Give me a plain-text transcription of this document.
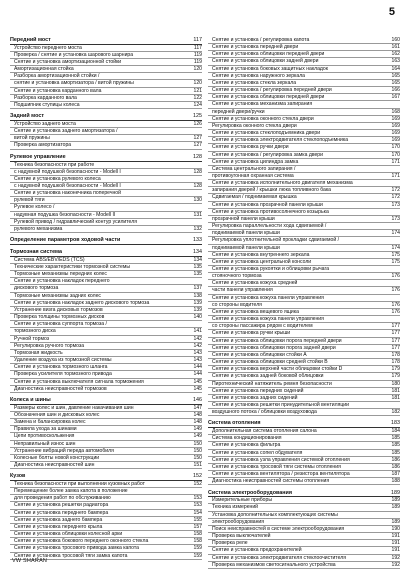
5
Передний мост	117
Устройство переднего моста	117
Проверка / снятие и установка шарового шарнира	119
Снятие и установка амортизационной стойки	119
Амортизационная стойка	120
Разборка амортизационной стойки /
снятие и установка амортизатора / витой пружины	120
Снятие и установка карданного вала	121
Разборка карданного вала	122
Подшипник ступицы колеса	124
Задний мост	125
Устройство заднего моста	126
Снятие и установка заднего амортизатора /
витой пружины	127
Проверка амортизатора	127
Рулевое управление	128
Техника безопасности при работе
с надувной подушкой безопасности - Modell I	128
Снятие и установка рулевого колеса
с надувной подушкой безопасности - Modell I	128
Снятие и установка наконечника поперечной
рулевой тяги	130
Рулевое колесо /
надувная подушка безопасности - Modell II	131
Рулевой привод / гидравлический контур усилителя
рулевого механизма	132
Определение параметров ходовой части	133
Тормозная система	134
Система ABS/EBV/EDS (TCS)	134
Технические характеристики тормозной системы	135
Тормозные механизмы передних колес	135
Снятие и установка накладок переднего
дискового тормоза	137
Тормозные механизмы задних колес	138
Снятие и установка накладок заднего дискового тормоза	139
Устранение визга дисковых тормозов	139
Проверка толщины тормозных дисков	140
Снятие и установка суппорта тормоза /
тормозного диска	141
Ручной тормоз	142
Регулировка ручного тормоза	142
Тормозная жидкость	143
Удаление воздуха из тормозной системы	143
Снятие и установка тормозного шланга	144
Проверка усилителя тормозного привода	144
Снятие и установка выключателя сигнала торможения	145
Диагностика неисправностей тормозов	145
Колеса и шины	146
Размеры колес и шин, давление накачивания шин	147
Обозначения шин и дисковых колес	148
Замена и балансировка колес	148
Правила ухода за шинами	149
Цепи противоскольжения	149
Неправильный износ шин	150
Устранение вибраций переда автомобиля	150
Колесные болты новой конструкции	150
Диагностика неисправностей шин	151
Кузов	152
Техника безопасности при выполнении кузовных работ	152
Перемещение более замка капота в положение
для проведения работ по обслуживанию	153
Снятие и установка решетки радиатора	153
Снятие и установка переднего бампера	154
Снятие и установка заднего бампера	155
Снятие и установка переднего крыла	157
Снятие и установка облицовки колесной арки	158
Снятие и установка бокового переднего оконного стекла	158
Снятие и установка тросового привода замка капота	159
Снятие и установка тросовой тяги замка капота	159
Снятие и установка / регулировка капота	160
Снятие и установка передней двери	161
Снятие и установка облицовки передней двери	162
Снятие и установка облицовки задней двери	163
Снятие и установка боковых защитных накладок	164
Снятие и установка наружного зеркала	165
Снятие и установка стекла зеркала	165
Снятие и установка / регулировка передней двери	166
Снятие и установка облицовки передней двери	167
Снятие и установка механизма запирания
передней двери/ручки	168
Снятие и установка оконного стекла двери	169
Регулировка оконного стекла двери	169
Снятие и установка стеклоподъемника двери	169
Снятие и установка электродвигателя стеклоподъемника	169
Снятие и установка ручки двери	170
Снятие и установка / регулировка замка двери	170
Снятие и установка цилиндра замка	171
Система центрального запирания /
противоугонная охранная система	171
Снятие и установка исполнительного двигателя механизма
запирания дверей / крышки люка топливного бака	172
Сдвигаемая / поднимаемая крышка	172
Снятие и установка прозрачной панели крыши	173
Снятие и установка противосолнечного козырька
прозрачной панели крыши	173
Регулировка параллельности хода сдвигаемой /
поднимаемой панели крыши	174
Регулировка уплотнительной прокладки сдвигаемой /
поднимаемой панели крыши	174
Снятие и установка внутреннего зеркала	175
Снятие и установка центральной консоли	175
Снятие и установка рукоятки и облицовки рычага
стояночного тормоза	176
Снятие и установка кожуха средней
части панели управления	176
Снятие и установка кожуха панели управления
со стороны водителя	176
Снятие и установка вещевого ящика	176
Снятие и установка кожуха панели управления
со стороны пассажира рядом с водителем	177
Снятие и установка ручки крыши	177
Снятие и установка облицовки порога передней двери	177
Снятие и установка облицовки порога задней двери	177
Снятие и установка облицовки стойки А	178
Снятие и установка облицовки средней стойки B	178
Снятие и установка верхней части облицовки стойки D	179
Снятие и установка задней боковой облицовки	179
Пиротехнический натяжитель ремня безопасности	180
Снятие и установка передних сидений	181
Снятие и установка задних сидений	181
Снятие и установка решетки принудительной вентиляции
воздушного потока / облицовки воздуховода	182
Система отопления	183
Дополнительная система отопления салона	184
Система кондиционирования	185
Снятие и установка фильтра	185
Снятие и установка сопел обдувателя	185
Снятие и установка узла управления системой отопления	186
Снятие и установка тросовой тяги системы отопления	186
Снятие и установка вентилятора / резистора вентилятора	187
Диагностика неисправностей системы отопления	188
Система электрооборудования	189
Измерительные приборы	189
Техника измерений	189
Установка дополнительных комплектующих системы
электрооборудования	189
Поиск неисправностей в системе электрооборудования	190
Проверка выключателей	191
Проверка реле	191
Снятие и установка предохранителей	191
Снятие и установка электродвигателя стеклоочистителя	192
Проверка механизмов светосигнального устройства	192
VW SHARAN
